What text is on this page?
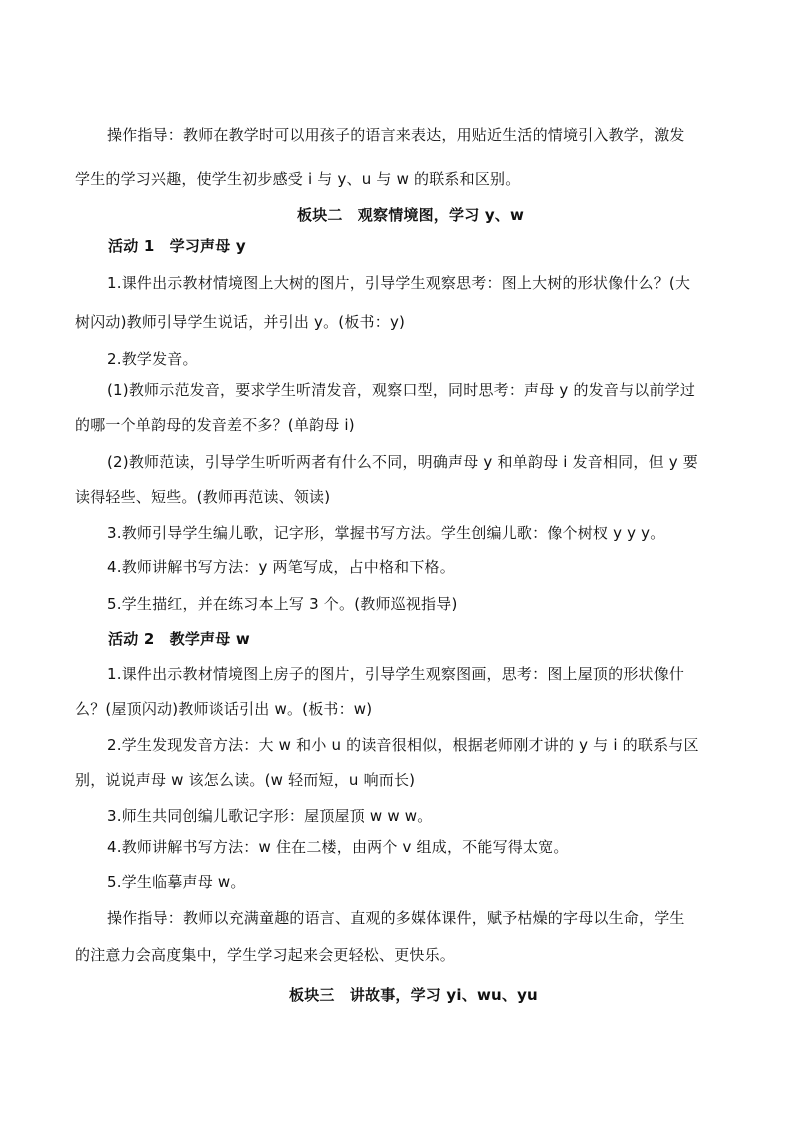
操作指导：教师在教学时可以用孩子的语言来表达，用贴近生活的情境引入教学，激发
学生的学习兴趣，使学生初步感受 i 与 y、u 与 w 的联系和区别。
板块二　观察情境图，学习 y、w
活动 1　学习声母 y
1.课件出示教材情境图上大树的图片，引导学生观察思考：图上大树的形状像什么？(大
树闪动)教师引导学生说话，并引出 y。(板书：y)
2.教学发音。
(1)教师示范发音，要求学生听清发音，观察口型，同时思考：声母 y 的发音与以前学过
的哪一个单韵母的发音差不多？(单韵母 i)
(2)教师范读，引导学生听听两者有什么不同，明确声母 y 和单韵母 i 发音相同，但 y 要
读得轻些、短些。(教师再范读、领读)
3.教师引导学生编儿歌，记字形，掌握书写方法。学生创编儿歌：像个树杈 y y y。
4.教师讲解书写方法：y 两笔写成，占中格和下格。
5.学生描红，并在练习本上写 3 个。(教师巡视指导)
活动 2　教学声母 w
1.课件出示教材情境图上房子的图片，引导学生观察图画，思考：图上屋顶的形状像什
么？(屋顶闪动)教师谈话引出 w。(板书：w)
2.学生发现发音方法：大 w 和小 u 的读音很相似，根据老师刚才讲的 y 与 i 的联系与区
别，说说声母 w 该怎么读。(w 轻而短，u 响而长)
3.师生共同创编儿歌记字形：屋顶屋顶 w w w。
4.教师讲解书写方法：w 住在二楼，由两个 v 组成，不能写得太宽。
5.学生临摹声母 w。
操作指导：教师以充满童趣的语言、直观的多媒体课件，赋予枯燥的字母以生命，学生
的注意力会高度集中，学生学习起来会更轻松、更快乐。
板块三　讲故事，学习 yi、wu、yu
